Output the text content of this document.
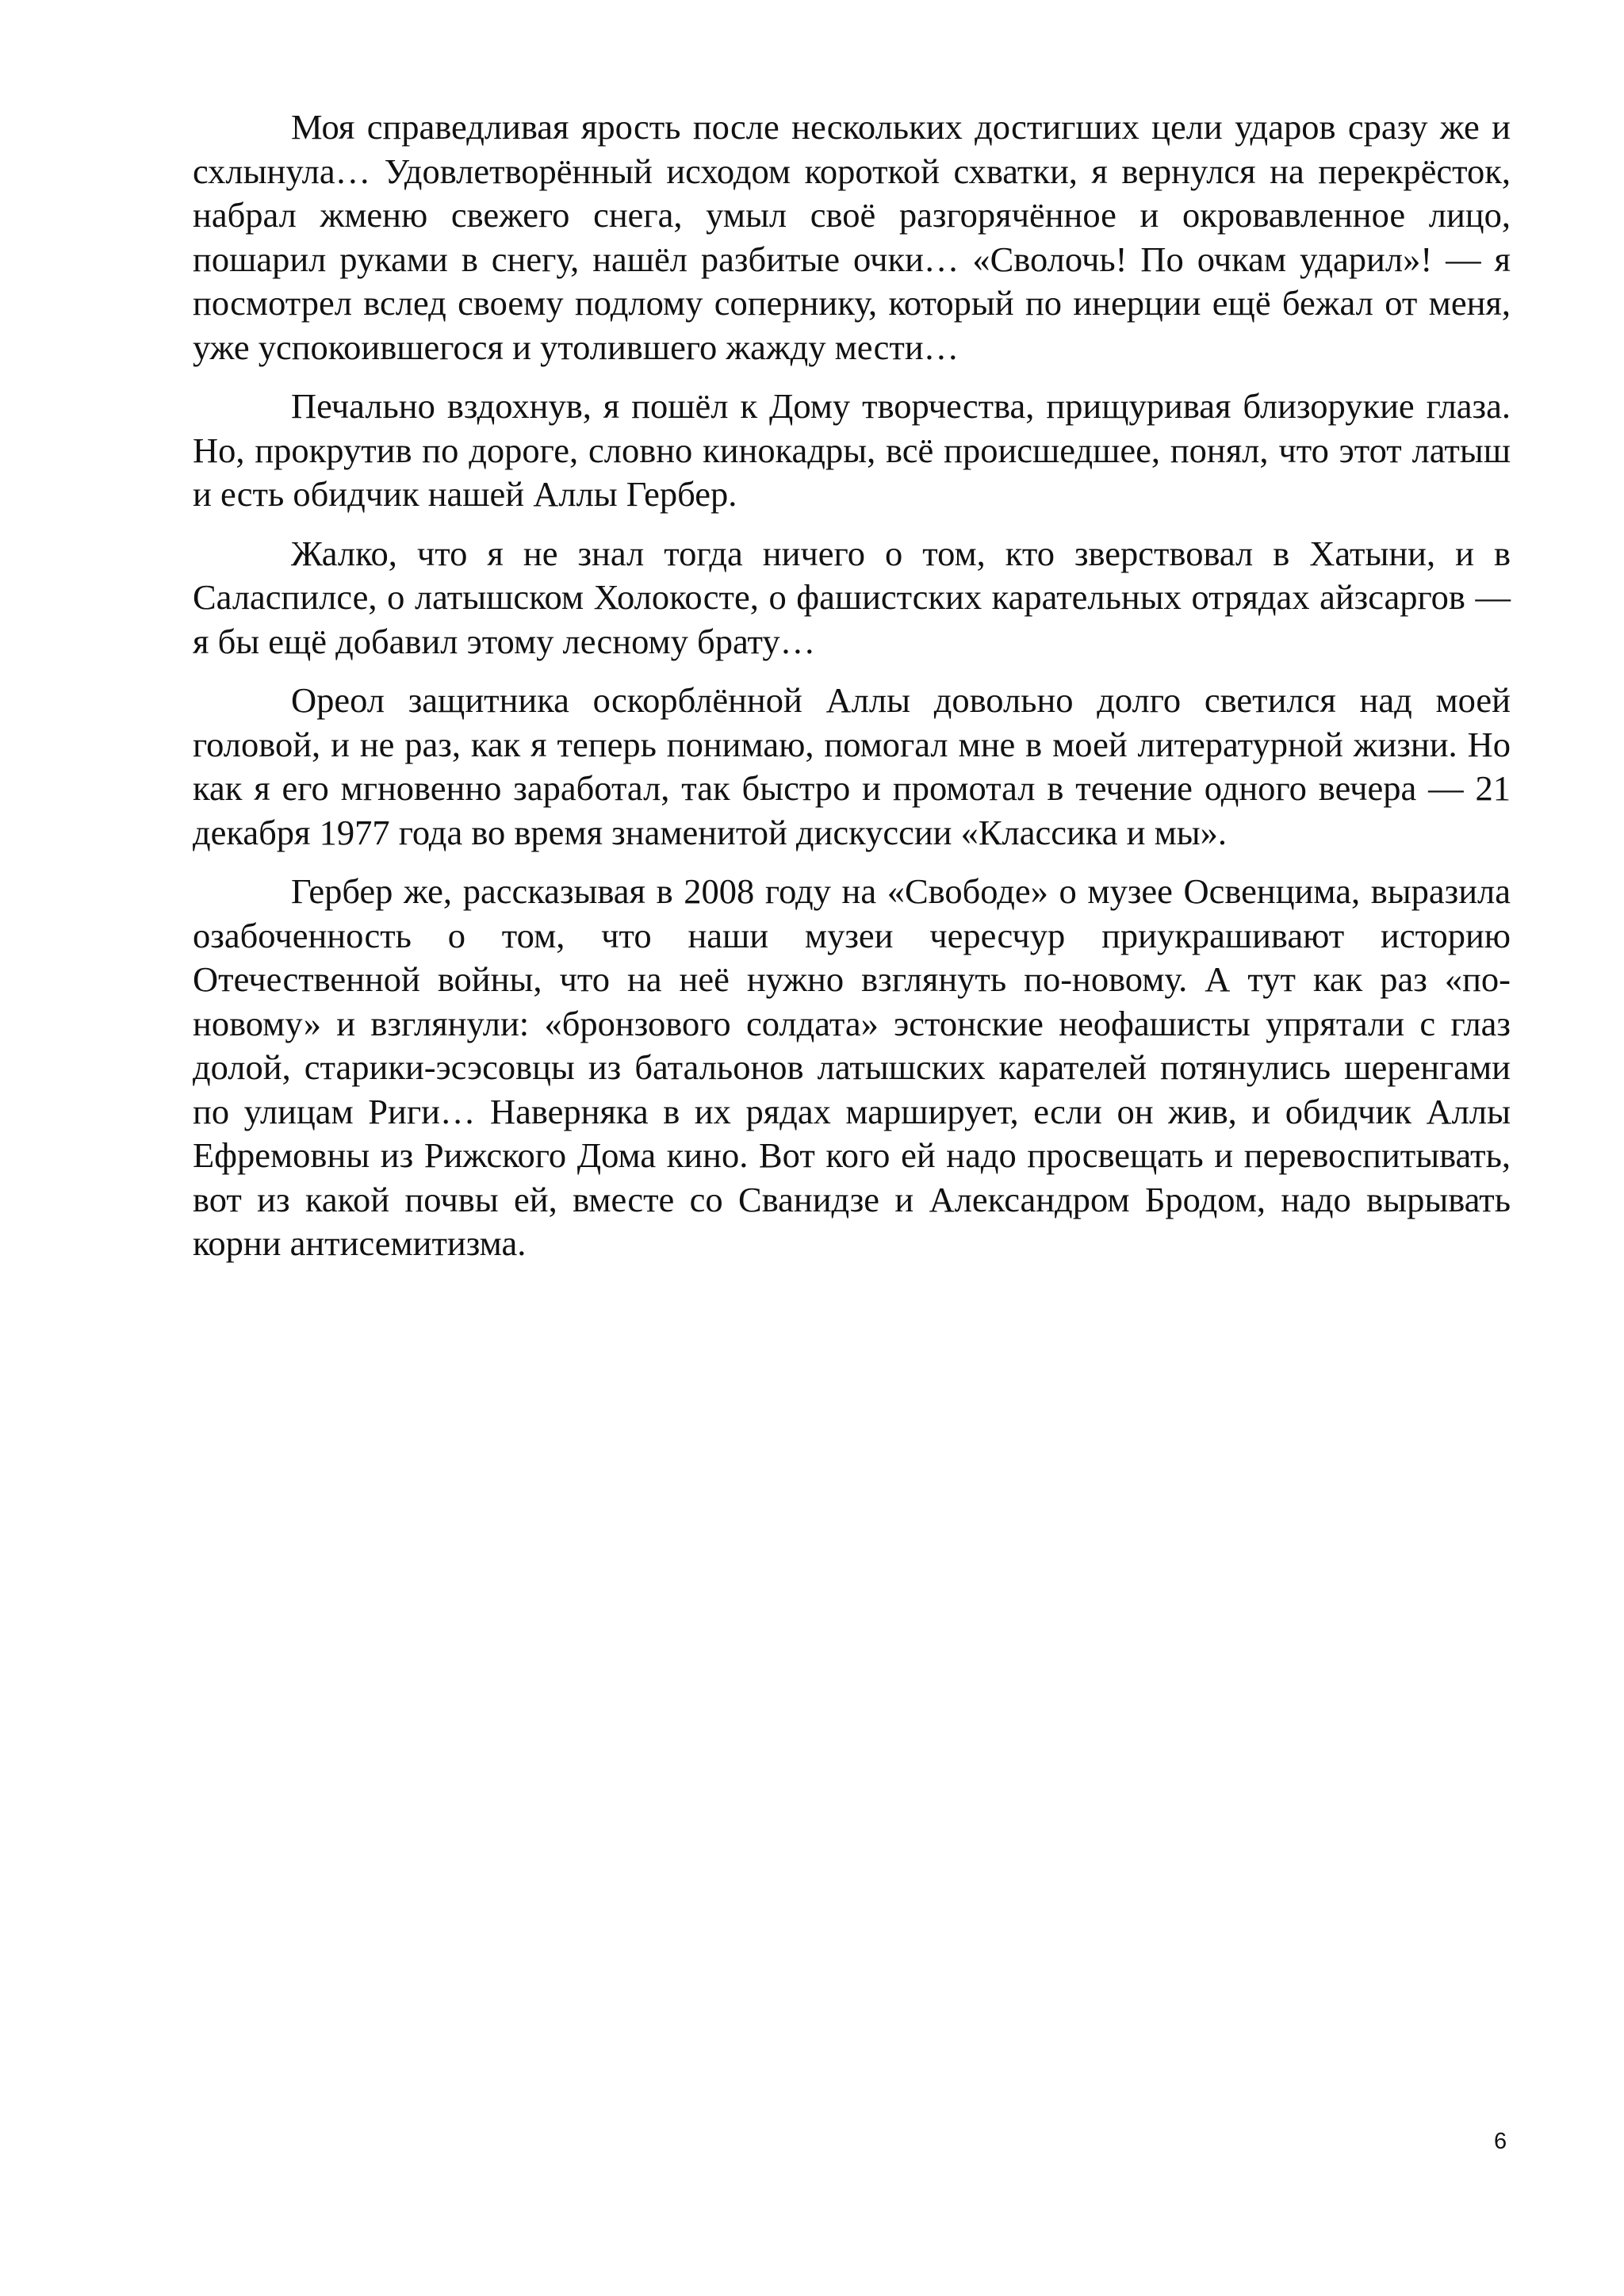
Моя справедливая ярость после нескольких достигших цели ударов сразу же и схлынула… Удовлетворённый исходом короткой схватки, я вернулся на перекрёсток, набрал жменю свежего снега, умыл своё разгорячённое и окровавленное лицо, пошарил руками в снегу, нашёл разбитые очки… «Сволочь! По очкам ударил»! — я посмотрел вслед своему подлому сопернику, который по инерции ещё бежал от меня, уже успокоившегося и утолившего жажду мести…

Печально вздохнув, я пошёл к Дому творчества, прищуривая близорукие глаза. Но, прокрутив по дороге, словно кинокадры, всё происшедшее, понял, что этот латыш и есть обидчик нашей Аллы Гербер.

Жалко, что я не знал тогда ничего о том, кто зверствовал в Хатыни, и в Саласпилсе, о латышском Холокосте, о фашистских карательных отрядах айзсаргов — я бы ещё добавил этому лесному брату…

Ореол защитника оскорблённой Аллы довольно долго светился над моей головой, и не раз, как я теперь понимаю, помогал мне в моей литературной жизни. Но как я его мгновенно заработал, так быстро и промотал в течение одного вечера — 21 декабря 1977 года во время знаменитой дискуссии «Классика и мы».

Гербер же, рассказывая в 2008 году на «Свободе» о музее Освенцима, выразила озабоченность о том, что наши музеи чересчур приукрашивают историю Отечественной войны, что на неё нужно взглянуть по-новому. А тут как раз «по-новому» и взглянули: «бронзового солдата» эстонские неофашисты упрятали с глаз долой, старики-эсэсовцы из батальонов латышских карателей потянулись шеренгами по улицам Риги… Наверняка в их рядах марширует, если он жив, и обидчик Аллы Ефремовны из Рижского Дома кино. Вот кого ей надо просвещать и перевоспитывать, вот из какой почвы ей, вместе со Сванидзе и Александром Бродом, надо вырывать корни антисемитизма.

6
